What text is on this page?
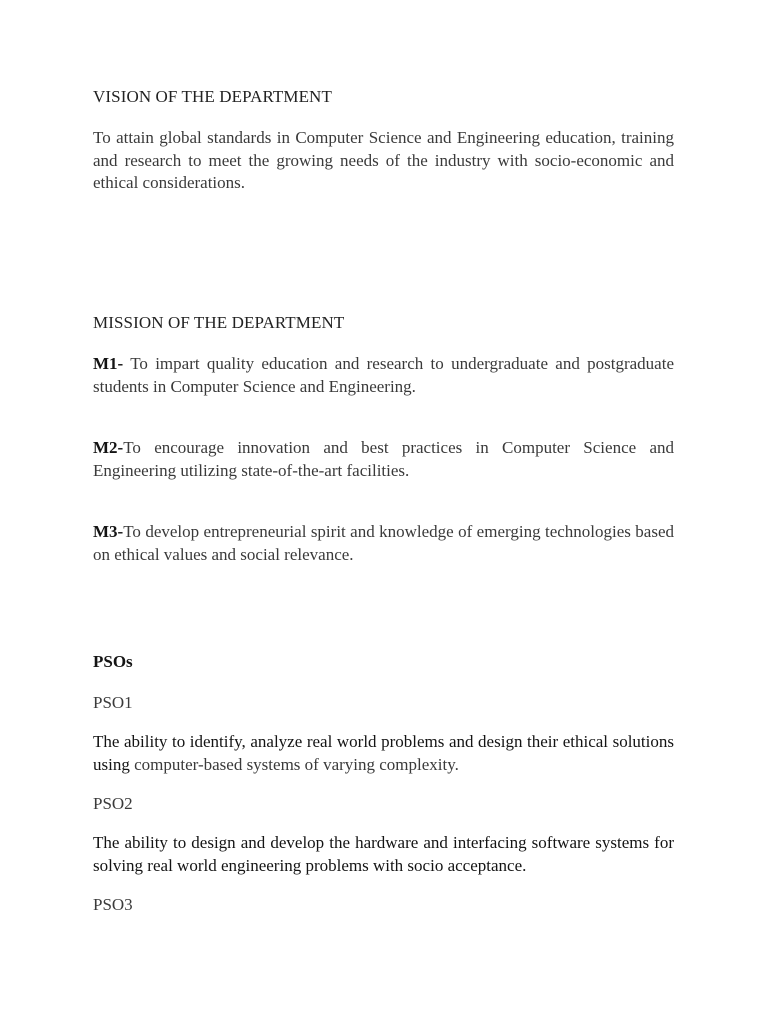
VISION OF THE DEPARTMENT

To attain global standards in Computer Science and Engineering education, training and research to meet the growing needs of the industry with socio-economic and ethical considerations.

MISSION OF THE DEPARTMENT

M1- To impart quality education and research to undergraduate and postgraduate students in Computer Science and Engineering.

M2-To encourage innovation and best practices in Computer Science and Engineering utilizing state-of-the-art facilities.

M3-To develop entrepreneurial spirit and knowledge of emerging technologies based on ethical values and social relevance.

PSOs

PSO1

The ability to identify, analyze real world problems and design their ethical solutions using computer-based systems of varying complexity.

PSO2

The ability to design and develop the hardware and interfacing software systems for solving real world engineering problems with socio acceptance.

PSO3
